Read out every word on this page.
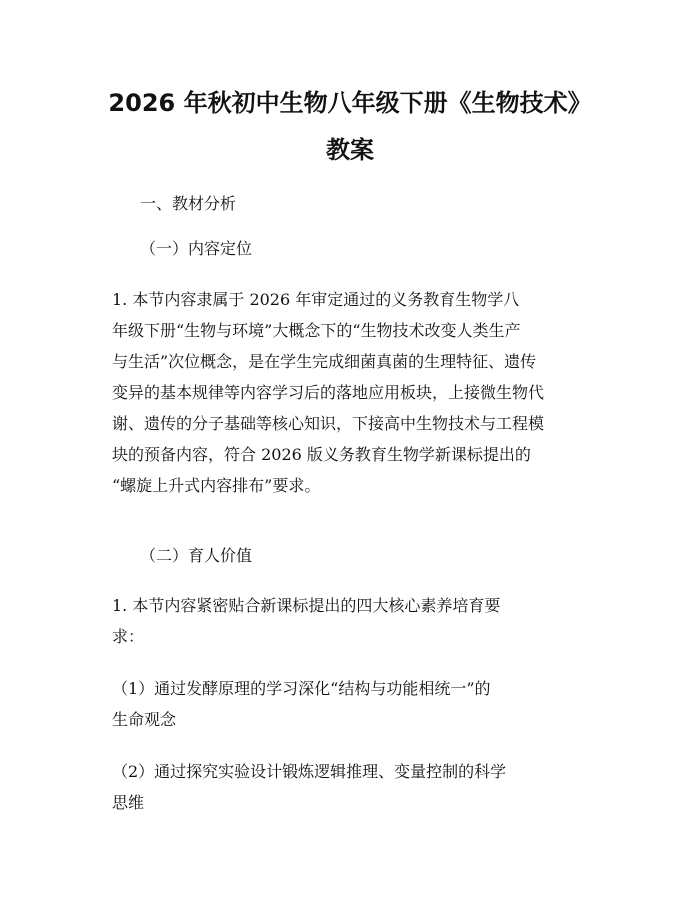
2026 年秋初中生物八年级下册《生物技术》
教案
一、教材分析
（一）内容定位
1. 本节内容隶属于 2026 年审定通过的义务教育生物学八
年级下册“生物与环境”大概念下的“生物技术改变人类生产
与生活”次位概念，是在学生完成细菌真菌的生理特征、遗传
变异的基本规律等内容学习后的落地应用板块，上接微生物代
谢、遗传的分子基础等核心知识，下接高中生物技术与工程模
块的预备内容，符合 2026 版义务教育生物学新课标提出的
“螺旋上升式内容排布”要求。
（二）育人价值
1. 本节内容紧密贴合新课标提出的四大核心素养培育要
求：
（1）通过发酵原理的学习深化“结构与功能相统一”的
生命观念
（2）通过探究实验设计锻炼逻辑推理、变量控制的科学
思维
